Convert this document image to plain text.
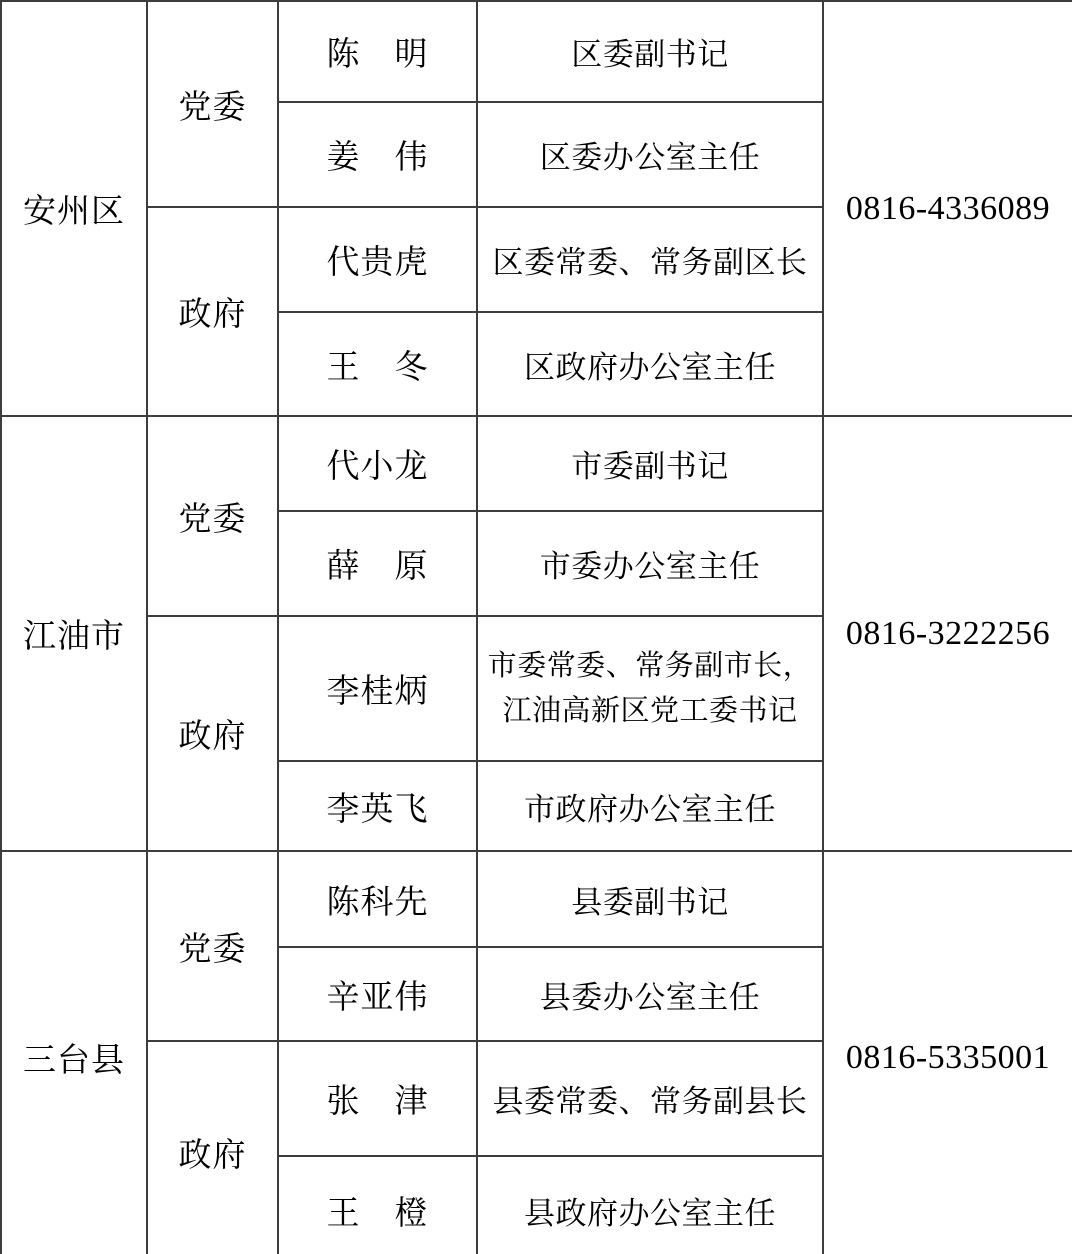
安州区	党委	陈　明	区委副书记	0816-4336089
		姜　伟	区委办公室主任	
	政府	代贵虎	区委常委、常务副区长	
		王　冬	区政府办公室主任	
江油市	党委	代小龙	市委副书记	0816-3222256
		薛　原	市委办公室主任	
	政府	李桂炳	市委常委、常务副市长，
江油高新区党工委书记	

		李英飞	市政府办公室主任	
三台县	党委	陈科先	县委副书记	0816-5335001
		辛亚伟	县委办公室主任	
	政府	张　津	县委常委、常务副县长	
		王　橙	县政府办公室主任	
